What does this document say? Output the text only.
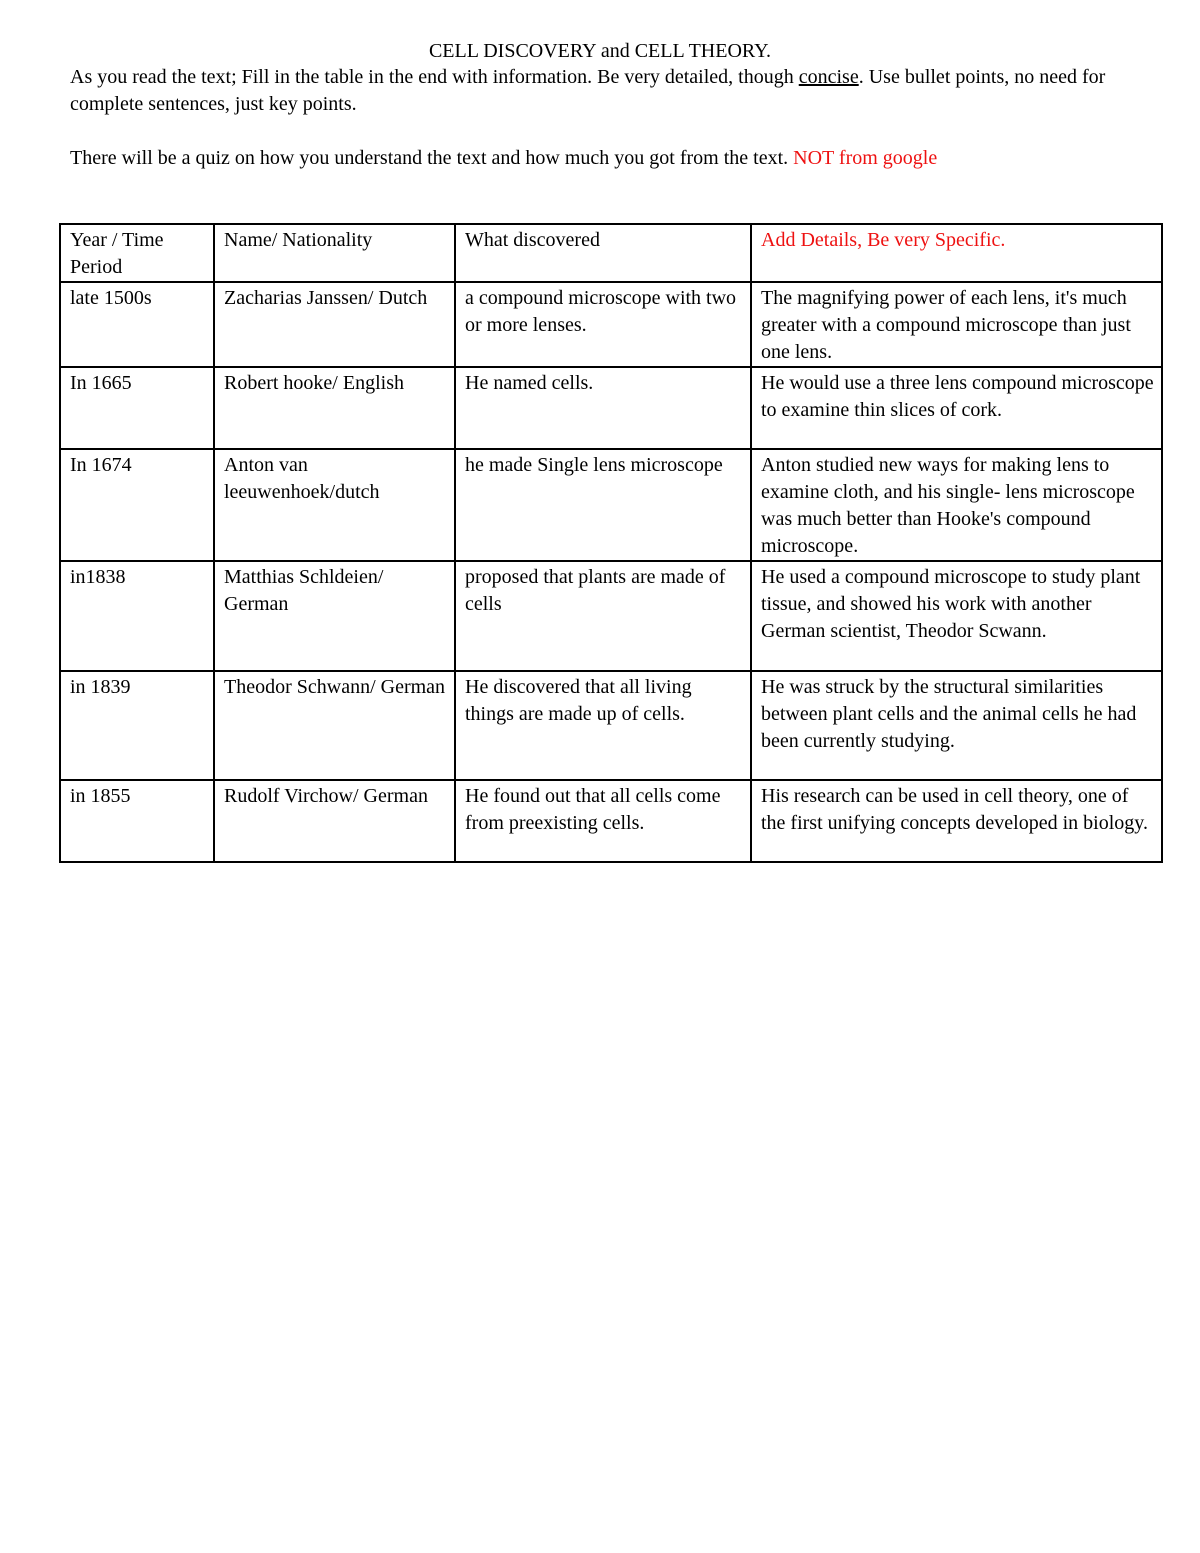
CELL DISCOVERY and CELL THEORY.

As you read the text; Fill in the table in the end with information. Be very detailed, though concise. Use bullet points, no need for complete sentences, just key points.

There will be a quiz on how you understand the text and how much you got from the text. NOT from google

Year / Time Period	Name/ Nationality	What discovered	Add Details, Be very Specific.
late 1500s	Zacharias Janssen/ Dutch	a compound microscope with two or more lenses.	The magnifying power of each lens, it's much greater with a compound microscope than just one lens.
In 1665	Robert hooke/ English	He named cells.	He would use a three lens compound microscope to examine thin slices of cork.
In 1674	Anton van leeuwenhoek/dutch	he made Single lens microscope	Anton studied new ways for making lens to examine cloth, and his single- lens microscope was much better than Hooke's compound microscope.
in1838	Matthias Schldeien/ German	proposed that plants are made of cells	He used a compound microscope to study plant tissue, and showed his work with another German scientist, Theodor Scwann.
in 1839	Theodor Schwann/ German	He discovered that all living things are made up of cells.	He was struck by the structural similarities between plant cells and the animal cells he had been currently studying.
in 1855	Rudolf Virchow/ German	He found out that all cells come from preexisting cells.	His research can be used in cell theory, one of the first unifying concepts developed in biology.
